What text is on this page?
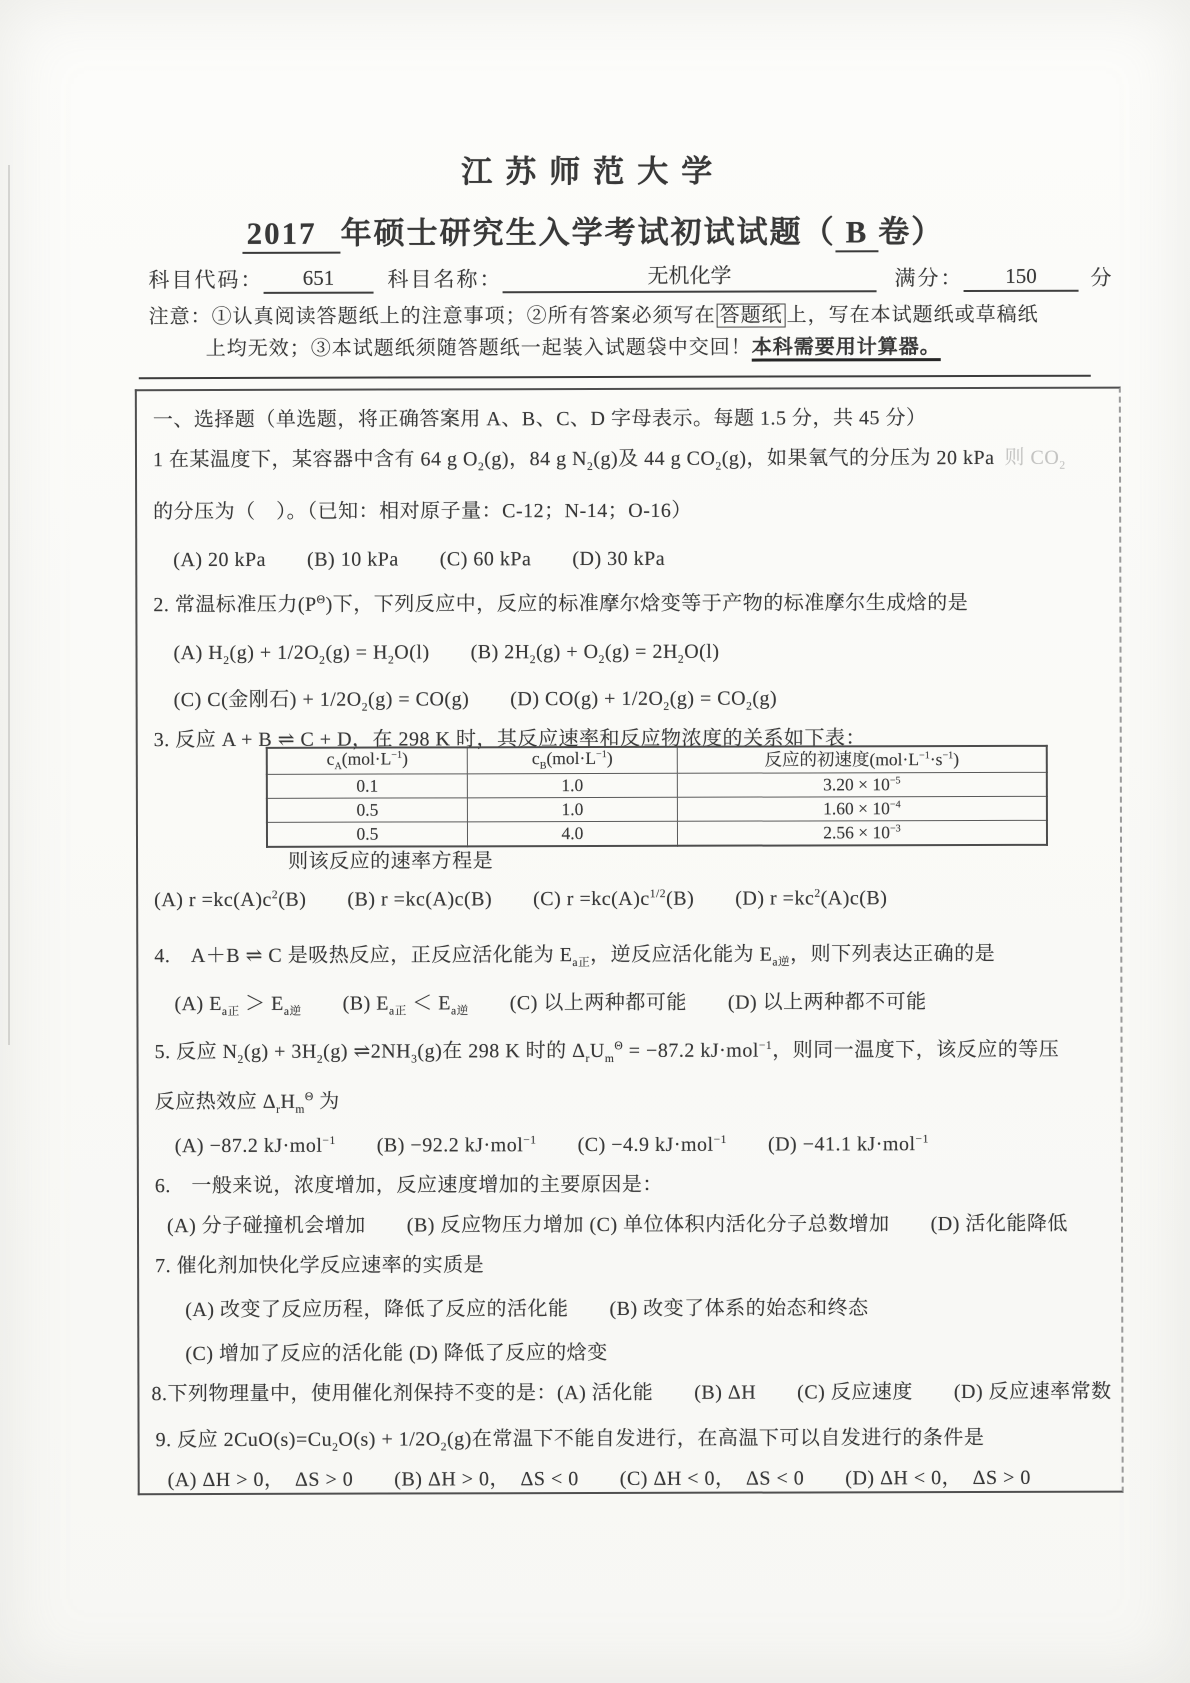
江苏师范大学
2017 年硕士研究生入学考试初试试题（ B 卷）
科目代码：	651	科目名称：	无机化学	满分：	150	分
注意：①认真阅读答题纸上的注意事项；②所有答案必须写在 答题纸 上，写在本试题纸或草稿纸
上均无效；③本试题纸须随答题纸一起装入试题袋中交回！本科需要用计算器。
一、选择题（单选题，将正确答案用 A、B、C、D 字母表示。每题 1.5 分，共 45 分）
1 在某温度下，某容器中含有 64 g $O_2(g)$，84 g $N_2(g)$及 44 g $CO_2(g)$，如果氧气的分压为 20 kPa 则 $CO_2$
的分压为（　）。（已知：相对原子量：C-12；N-14；O-16）
(A) 20 kPa　　(B) 10 kPa　　(C) 60 kPa　　(D) 30 kPa
2. 常温标准压力$(P^\Theta)$下，下列反应中，反应的标准摩尔焓变等于产物的标准摩尔生成焓的是
(A) $H_2(g) + 1/2O_2(g) = H_2O(l)$　　(B) $2H_2(g) + O_2(g) = 2H_2O(l)$
(C) C(金刚石) + $1/2O_2(g) = CO(g)$　　(D) $CO(g) + 1/2O_2(g) = CO_2(g)$
3. 反应 A + B ⇌ C + D，在 298 K 时，其反应速率和反应物浓度的关系如下表：
$c_A(mol\cdot L^{-1})$	$c_B(mol\cdot L^{-1})$	反应的初速度$(mol\cdot L^{-1}\cdot s^{-1})$
0.1	1.0	$3.20 \times 10^{-5}$
0.5	1.0	$1.60 \times 10^{-4}$
0.5	4.0	$2.56 \times 10^{-3}$
则该反应的速率方程是
(A) $r =kc(A)c^2(B)$　　(B) r =kc(A)c(B)　　(C) $r =kc(A)c^{1/2}(B)$　　(D) $r =kc^2(A)c(B)$
4.　A＋B ⇌ C 是吸热反应，正反应活化能为 $E_{a正}$，逆反应活化能为 $E_{a逆}$，则下列表达正确的是
(A) $E_{a正} > E_{a逆}$　　(B) $E_{a正} < E_{a逆}$　　(C) 以上两种都可能　　(D) 以上两种都不可能
5. 反应 $N_2(g) + 3H_2(g)$ $\rightleftharpoons 2NH_3(g)$在 298 K 时的 $\Delta_rU_m^\Theta = -87.2$ kJ·mol$^{-1}$，则同一温度下，该反应的等压
反应热效应 $\Delta_rH_m^\Theta$ 为
(A) −87.2 kJ·mol$^{-1}$　　(B) −92.2 kJ·mol$^{-1}$　　(C) −4.9 kJ·mol$^{-1}$　　(D) −41.1 kJ·mol$^{-1}$
6.　一般来说，浓度增加，反应速度增加的主要原因是：
(A) 分子碰撞机会增加　　(B) 反应物压力增加 (C) 单位体积内活化分子总数增加　　(D) 活化能降低
7. 催化剂加快化学反应速率的实质是
(A) 改变了反应历程，降低了反应的活化能　　(B) 改变了体系的始态和终态
(C) 增加了反应的活化能 (D) 降低了反应的焓变
8.下列物理量中，使用催化剂保持不变的是：(A) 活化能　　(B) ΔH　　(C) 反应速度　　(D) 反应速率常数
9. 反应 $2CuO(s)=Cu_2O(s) + 1/2O_2(g)$在常温下不能自发进行，在高温下可以自发进行的条件是
(A) ΔH > 0，　ΔS > 0　　(B) ΔH > 0，　ΔS < 0　　(C) ΔH < 0，　ΔS < 0　　(D) ΔH < 0，　ΔS > 0
